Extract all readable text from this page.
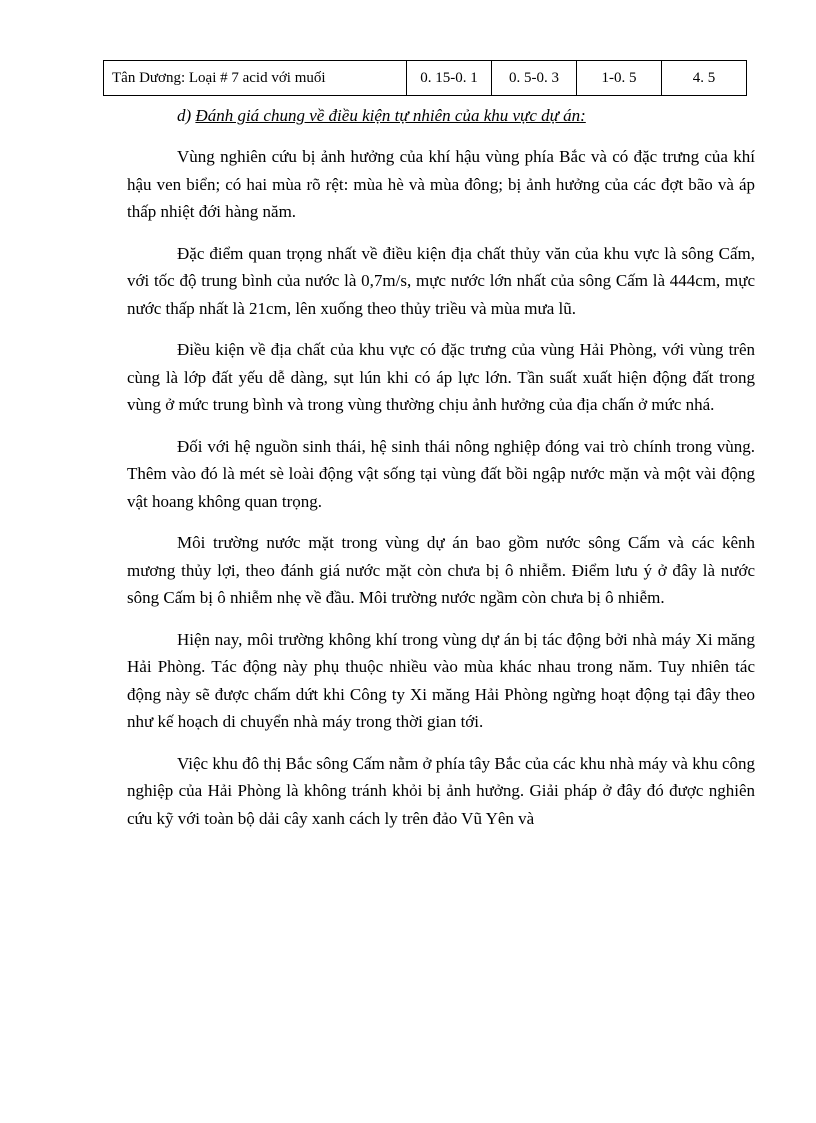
Tân Dương: Loại # 7 acid với muối	0. 15-0. 1	0. 5-0. 3	1-0. 5	4. 5
d) Đánh giá chung về điều kiện tự nhiên của khu vực dự án:

Vùng nghiên cứu bị ảnh hưởng của khí hậu vùng phía Bắc và có đặc trưng của khí hậu ven biển; có hai mùa rõ rệt: mùa hè và mùa đông; bị ảnh hưởng của các đợt bão và áp thấp nhiệt đới hàng năm.

Đặc điểm quan trọng nhất về điều kiện địa chất thủy văn của khu vực là sông Cấm, với tốc độ trung bình của nước là 0,7m/s, mực nước lớn nhất của sông Cấm là 444cm, mực nước thấp nhất là 21cm, lên xuống theo thủy triều và mùa mưa lũ.

Điều kiện về địa chất của khu vực có đặc trưng của vùng Hải Phòng, với vùng trên cùng là lớp đất yếu dễ dàng, sụt lún khi có áp lực lớn. Tần suất xuất hiện động đất trong vùng ở mức trung bình và trong vùng thường chịu ảnh hưởng của địa chấn ở mức nhá.

Đối với hệ nguồn sinh thái, hệ sinh thái nông nghiệp đóng vai trò chính trong vùng. Thêm vào đó là mét sè loài động vật sống tại vùng đất bồi ngập nước mặn và một vài động vật hoang không quan trọng.

Môi trường nước mặt trong vùng dự án bao gồm nước sông Cấm và các kênh mương thủy lợi, theo đánh giá nước mặt còn chưa bị ô nhiễm. Điểm lưu ý ở đây là nước sông Cấm bị ô nhiễm nhẹ về đầu. Môi trường nước ngầm còn chưa bị ô nhiễm.

Hiện nay, môi trường không khí trong vùng dự án bị tác động bởi nhà máy Xi măng Hải Phòng. Tác động này phụ thuộc nhiều vào mùa khác nhau trong năm. Tuy nhiên tác động này sẽ được chấm dứt khi Công ty Xi măng Hải Phòng ngừng hoạt động tại đây theo như kế hoạch di chuyển nhà máy trong thời gian tới.

Việc khu đô thị Bắc sông Cấm nằm ở phía tây Bắc của các khu nhà máy và khu công nghiệp của Hải Phòng là không tránh khỏi bị ảnh hưởng. Giải pháp ở đây đó được nghiên cứu kỹ với toàn bộ dải cây xanh cách ly trên đảo Vũ Yên và
